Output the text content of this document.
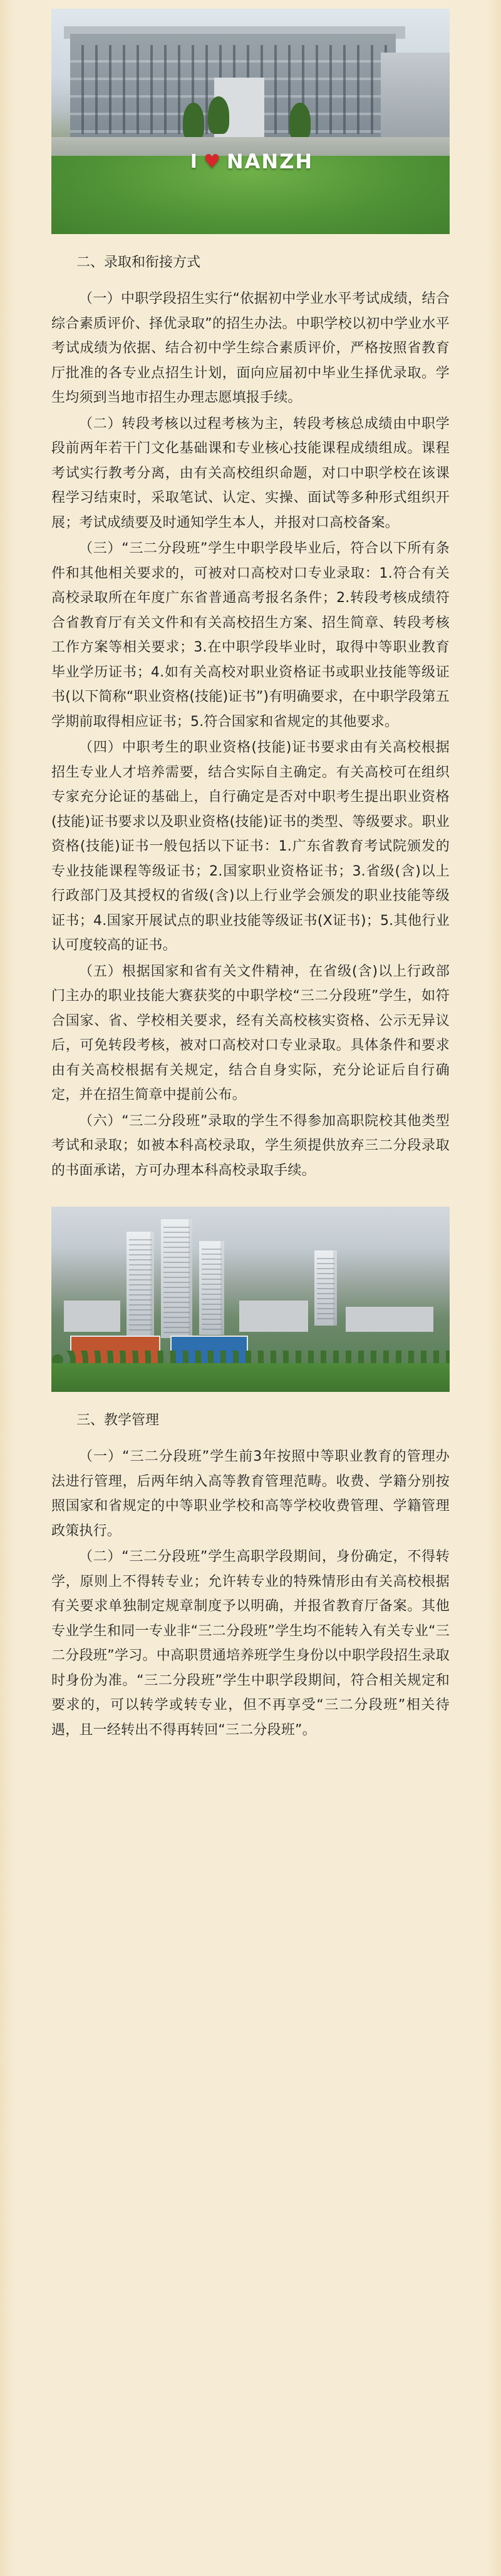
I ♥ NANZH
二、录取和衔接方式

（一）中职学段招生实行“依据初中学业水平考试成绩，结合综合素质评价、择优录取”的招生办法。中职学校以初中学业水平考试成绩为依据、结合初中学生综合素质评价，严格按照省教育厅批准的各专业点招生计划，面向应届初中毕业生择优录取。学生均须到当地市招生办理志愿填报手续。

（二）转段考核以过程考核为主，转段考核总成绩由中职学段前两年若干门文化基础课和专业核心技能课程成绩组成。课程考试实行教考分离，由有关高校组织命题，对口中职学校在该课程学习结束时，采取笔试、认定、实操、面试等多种形式组织开展；考试成绩要及时通知学生本人，并报对口高校备案。

（三）“三二分段班”学生中职学段毕业后，符合以下所有条件和其他相关要求的，可被对口高校对口专业录取：1.符合有关高校录取所在年度广东省普通高考报名条件；2.转段考核成绩符合省教育厅有关文件和有关高校招生方案、招生简章、转段考核工作方案等相关要求；3.在中职学段毕业时，取得中等职业教育毕业学历证书；4.如有关高校对职业资格证书或职业技能等级证书(以下简称“职业资格(技能)证书”)有明确要求，在中职学段第五学期前取得相应证书；5.符合国家和省规定的其他要求。

（四）中职考生的职业资格(技能)证书要求由有关高校根据招生专业人才培养需要，结合实际自主确定。有关高校可在组织专家充分论证的基础上，自行确定是否对中职考生提出职业资格(技能)证书要求以及职业资格(技能)证书的类型、等级要求。职业资格(技能)证书一般包括以下证书：1.广东省教育考试院颁发的专业技能课程等级证书；2.国家职业资格证书；3.省级(含)以上行政部门及其授权的省级(含)以上行业学会颁发的职业技能等级证书；4.国家开展试点的职业技能等级证书(X证书)；5.其他行业认可度较高的证书。

（五）根据国家和省有关文件精神，在省级(含)以上行政部门主办的职业技能大赛获奖的中职学校“三二分段班”学生，如符合国家、省、学校相关要求，经有关高校核实资格、公示无异议后，可免转段考核，被对口高校对口专业录取。具体条件和要求由有关高校根据有关规定，结合自身实际，充分论证后自行确定，并在招生简章中提前公布。

（六）“三二分段班”录取的学生不得参加高职院校其他类型考试和录取；如被本科高校录取，学生须提供放弃三二分段录取的书面承诺，方可办理本科高校录取手续。

三、教学管理

（一）“三二分段班”学生前3年按照中等职业教育的管理办法进行管理，后两年纳入高等教育管理范畴。收费、学籍分别按照国家和省规定的中等职业学校和高等学校收费管理、学籍管理政策执行。

（二）“三二分段班”学生高职学段期间，身份确定，不得转学，原则上不得转专业；允许转专业的特殊情形由有关高校根据有关要求单独制定规章制度予以明确，并报省教育厅备案。其他专业学生和同一专业非“三二分段班”学生均不能转入有关专业“三二分段班”学习。中高职贯通培养班学生身份以中职学段招生录取时身份为准。“三二分段班”学生中职学段期间，符合相关规定和要求的，可以转学或转专业，但不再享受“三二分段班”相关待遇，且一经转出不得再转回“三二分段班”。
